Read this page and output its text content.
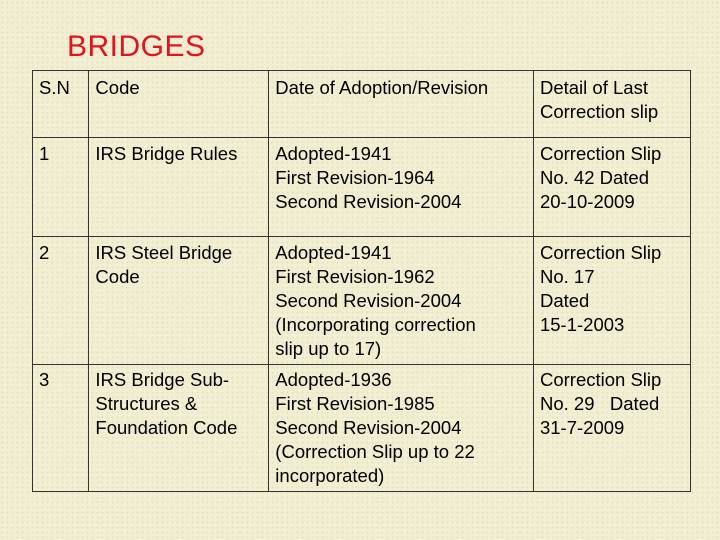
BRIDGES
S.N	Code	Date of Adoption/Revision	Detail of Last
Correction slip

1	IRS Bridge Rules	Adopted-1941
First Revision-1964
Second Revision-2004	Correction Slip
No. 42 Dated
20-10-2009

2	IRS Steel Bridge
Code	Adopted-1941
First Revision-1962
Second Revision-2004
(Incorporating correction
slip up to 17)	Correction Slip
No. 17
Dated
15-1-2003

3	IRS Bridge Sub-
Structures &
Foundation Code	Adopted-1936
First Revision-1985
Second Revision-2004
(Correction Slip up to 22
incorporated)	Correction Slip
No. 29   Dated
31-7-2009
